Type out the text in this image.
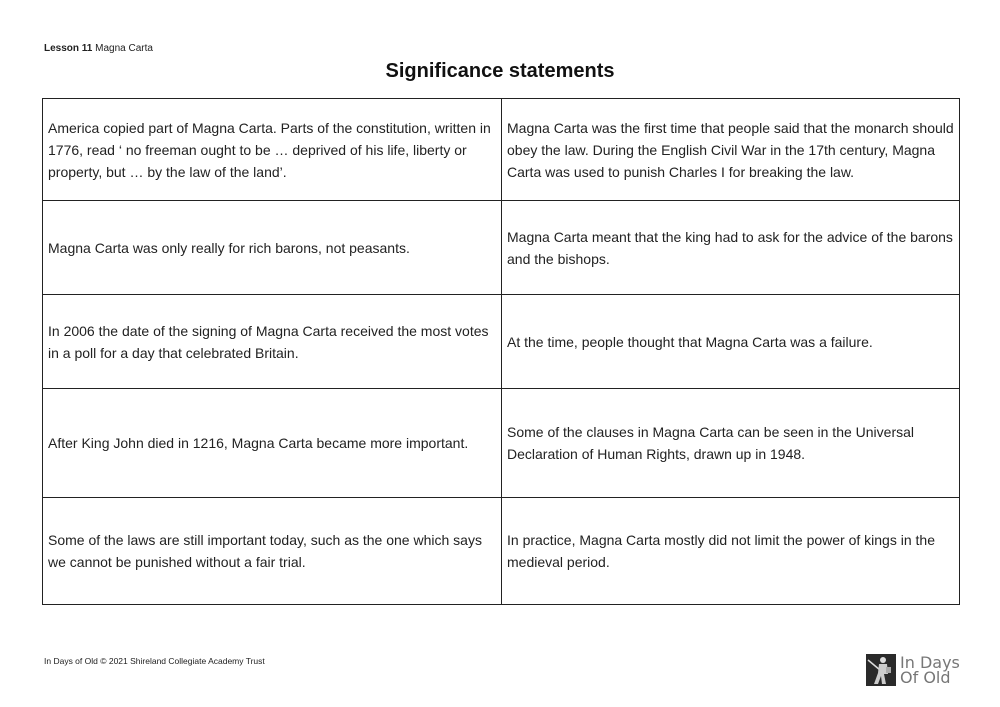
Lesson 11 Magna Carta
Significance statements
America copied part of Magna Carta. Parts of the constitution, written in 1776, read ‘ no freeman ought to be … deprived of his life, liberty or property, but … by the law of the land’.	Magna Carta was the first time that people said that the monarch should obey the law. During the English Civil War in the 17th century, Magna Carta was used to punish Charles I for breaking the law.
Magna Carta was only really for rich barons, not peasants.	Magna Carta meant that the king had to ask for the advice of the barons and the bishops.
In 2006 the date of the signing of Magna Carta received the most votes in a poll for a day that celebrated Britain.	At the time, people thought that Magna Carta was a failure.
After King John died in 1216, Magna Carta became more important.	Some of the clauses in Magna Carta can be seen in the Universal Declaration of Human Rights, drawn up in 1948.
Some of the laws are still important today, such as the one which says we cannot be punished without a fair trial.	In practice, Magna Carta mostly did not limit the power of kings in the medieval period.
In Days of Old © 2021 Shireland Collegiate Academy Trust	In Days
Of Old
